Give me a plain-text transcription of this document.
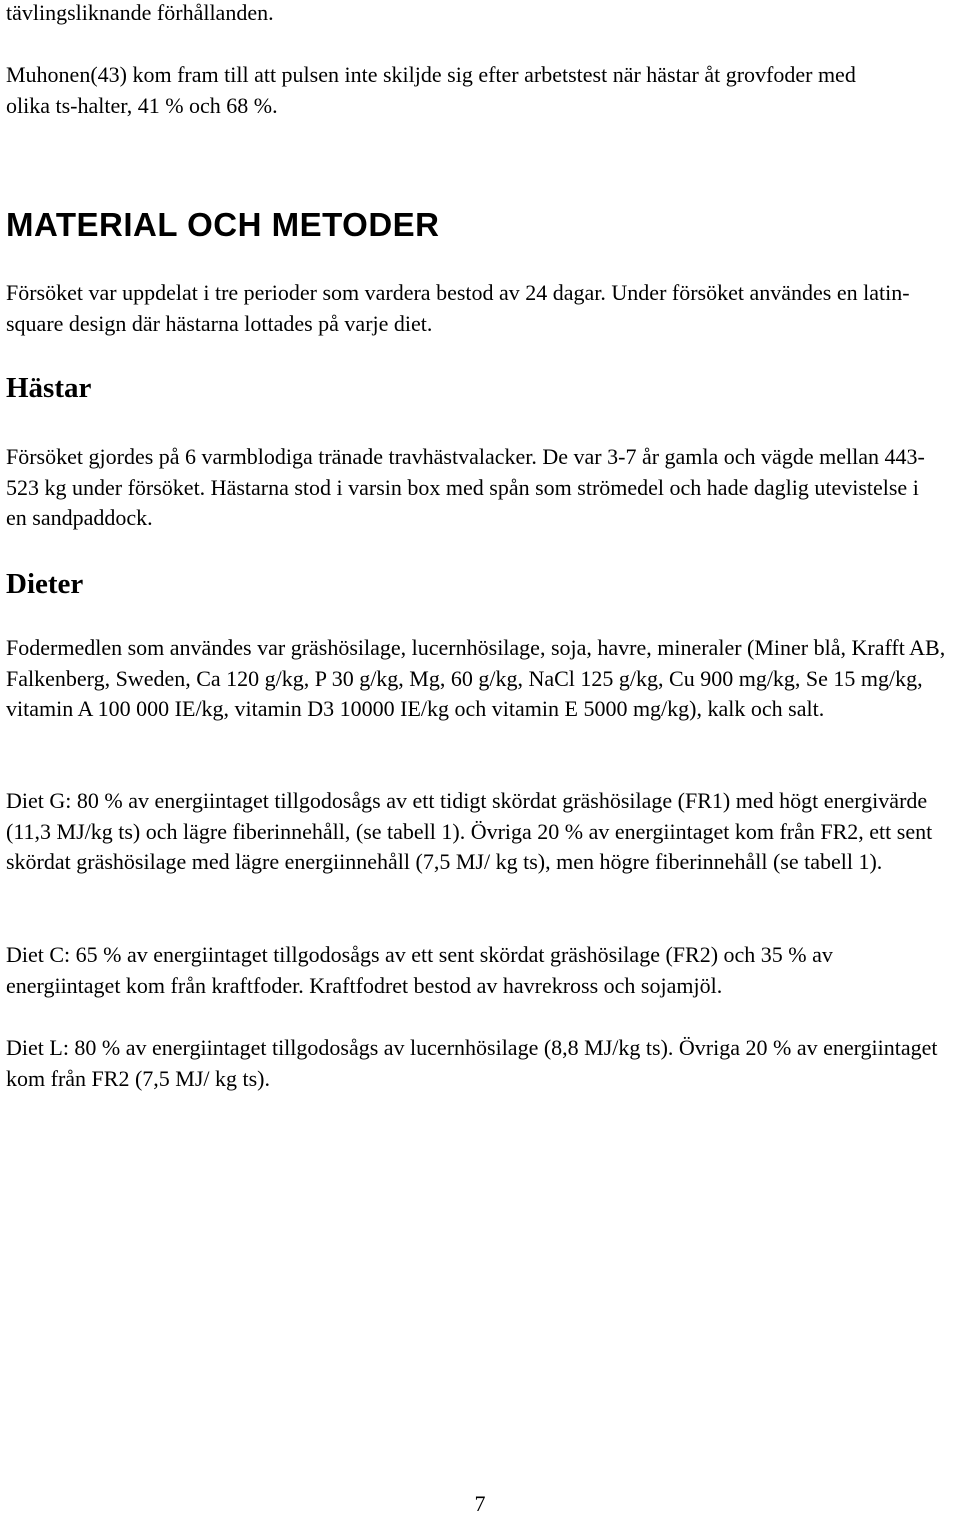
tävlingsliknande förhållanden.

Muhonen(43) kom fram till att pulsen inte skiljde sig efter arbetstest när hästar åt grovfoder med olika ts-halter, 41 % och 68 %.

MATERIAL OCH METODER

Försöket var uppdelat i tre perioder som vardera bestod av 24 dagar. Under försöket användes en latin-square design där hästarna lottades på varje diet.

Hästar

Försöket gjordes på 6 varmblodiga tränade travhästvalacker. De var 3-7 år gamla och vägde mellan 443-523 kg under försöket. Hästarna stod i varsin box med spån som strömedel och hade daglig utevistelse i en sandpaddock.

Dieter

Fodermedlen som användes var gräshösilage, lucernhösilage, soja, havre, mineraler (Miner blå, Krafft AB, Falkenberg, Sweden, Ca 120 g/kg, P 30 g/kg, Mg, 60 g/kg, NaCl 125 g/kg, Cu 900 mg/kg, Se 15 mg/kg, vitamin A 100 000 IE/kg, vitamin D3 10000 IE/kg och vitamin E 5000 mg/kg), kalk och salt.

Diet G: 80 % av energiintaget tillgodosågs av ett tidigt skördat gräshösilage (FR1) med högt energivärde (11,3 MJ/kg ts) och lägre fiberinnehåll, (se tabell 1). Övriga 20 % av energiintaget kom från FR2, ett sent skördat gräshösilage med lägre energiinnehåll (7,5 MJ/ kg ts), men högre fiberinnehåll (se tabell 1).

Diet C: 65 % av energiintaget tillgodosågs av ett sent skördat gräshösilage (FR2) och 35 % av energiintaget kom från kraftfoder. Kraftfodret bestod av havrekross och sojamjöl.

Diet L: 80 % av energiintaget tillgodosågs av lucernhösilage (8,8 MJ/kg ts). Övriga 20 % av energiintaget kom från FR2 (7,5 MJ/ kg ts).

7
